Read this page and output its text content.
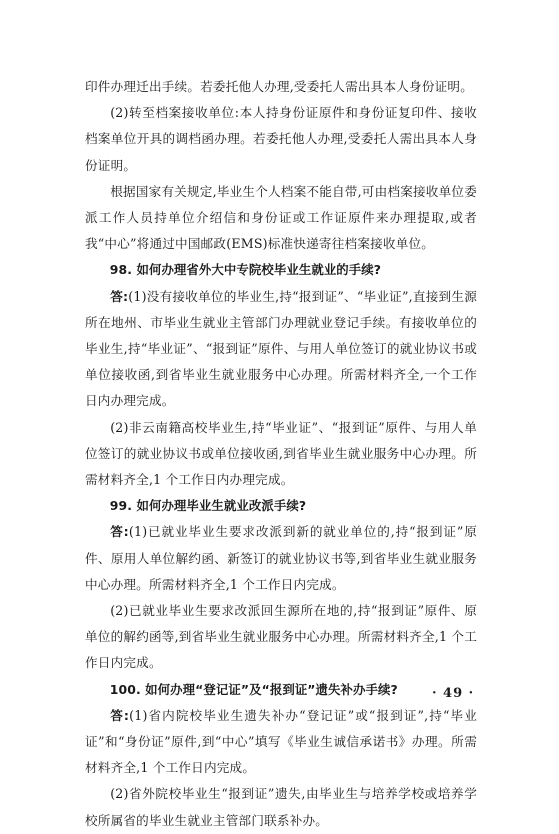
印件办理迁出手续。若委托他人办理,受委托人需出具本人身份证明。

(2)转至档案接收单位:本人持身份证原件和身份证复印件、接收档案单位开具的调档函办理。若委托他人办理,受委托人需出具本人身份证明。

根据国家有关规定,毕业生个人档案不能自带,可由档案接收单位委派工作人员持单位介绍信和身份证或工作证原件来办理提取,或者我“中心”将通过中国邮政(EMS)标准快递寄往档案接收单位。

98. 如何办理省外大中专院校毕业生就业的手续?

答:(1)没有接收单位的毕业生,持“报到证”、“毕业证”,直接到生源所在地州、市毕业生就业主管部门办理就业登记手续。有接收单位的毕业生,持“毕业证”、“报到证”原件、与用人单位签订的就业协议书或单位接收函,到省毕业生就业服务中心办理。所需材料齐全,一个工作日内办理完成。

(2)非云南籍高校毕业生,持“毕业证”、“报到证”原件、与用人单位签订的就业协议书或单位接收函,到省毕业生就业服务中心办理。所需材料齐全,1 个工作日内办理完成。

99. 如何办理毕业生就业改派手续?

答:(1)已就业毕业生要求改派到新的就业单位的,持“报到证”原件、原用人单位解约函、新签订的就业协议书等,到省毕业生就业服务中心办理。所需材料齐全,1 个工作日内完成。

(2)已就业毕业生要求改派回生源所在地的,持“报到证”原件、原单位的解约函等,到省毕业生就业服务中心办理。所需材料齐全,1 个工作日内完成。

100. 如何办理“登记证”及“报到证”遗失补办手续?

答:(1)省内院校毕业生遗失补办“登记证”或“报到证”,持“毕业证”和“身份证”原件,到“中心”填写《毕业生诚信承诺书》办理。所需材料齐全,1 个工作日内完成。

(2)省外院校毕业生“报到证”遗失,由毕业生与培养学校或培养学校所属省的毕业生就业主管部门联系补办。

· 49 ·
